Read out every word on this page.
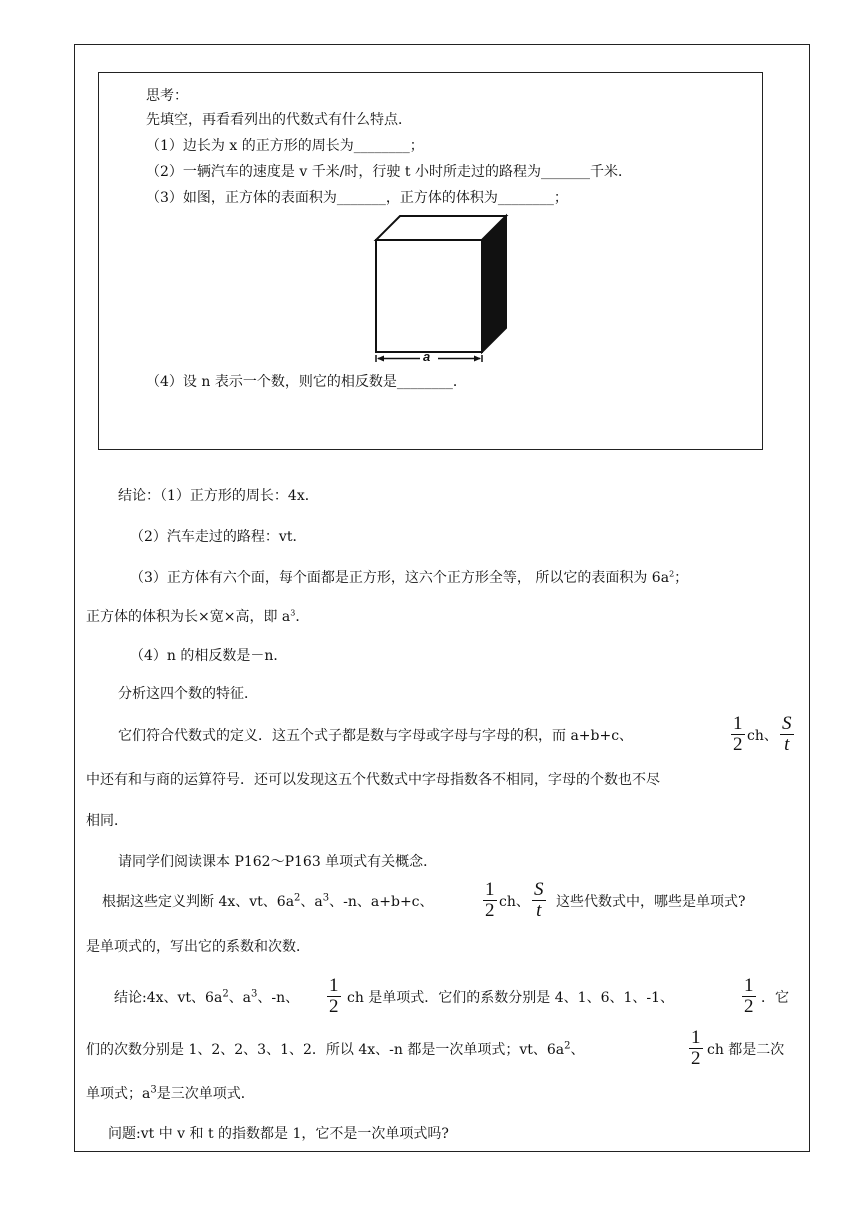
思考：
先填空，再看看列出的代数式有什么特点．
（1）边长为 x 的正方形的周长为________；
（2）一辆汽车的速度是 v 千米/时，行驶 t 小时所走过的路程为_______千米．
（3）如图，正方体的表面积为_______，正方体的体积为________；
a
（4）设 n 表示一个数，则它的相反数是________．
结论：（1）正方形的周长：4x．
（2）汽车走过的路程：vt．
（3）正方体有六个面，每个面都是正方形，这六个正方形全等， 所以它的表面积为 $6a^2$；
正方体的体积为长×宽×高，即 $a^3$．
（4）n 的相反数是－n．
分析这四个数的特征．
它们符合代数式的定义．这五个式子都是数与字母或字母与字母的积，而 a+b+c、
1
2 ch、
S
t
中还有和与商的运算符号．还可以发现这五个代数式中字母指数各不相同，字母的个数也不尽
相同．
请同学们阅读课本 P162～P163 单项式有关概念．
根据这些定义判断 4x、vt、$6a^2$、$a^3$、-n、a+b+c、
1
2 ch、
S
t 这些代数式中，哪些是单项式?
是单项式的，写出它的系数和次数．
结论:4x、vt、$6a^2$、$a^3$、-n、
1
2 ch 是单项式．它们的系数分别是 4、1、6、1、-1、
1
2 ．它
们的次数分别是 1、2、2、3、1、2．所以 4x、-n 都是一次单项式；vt、$6a^2$、
1
2 ch 都是二次
单项式；$a^3$是三次单项式．
问题:vt 中 v 和 t 的指数都是 1，它不是一次单项式吗?
